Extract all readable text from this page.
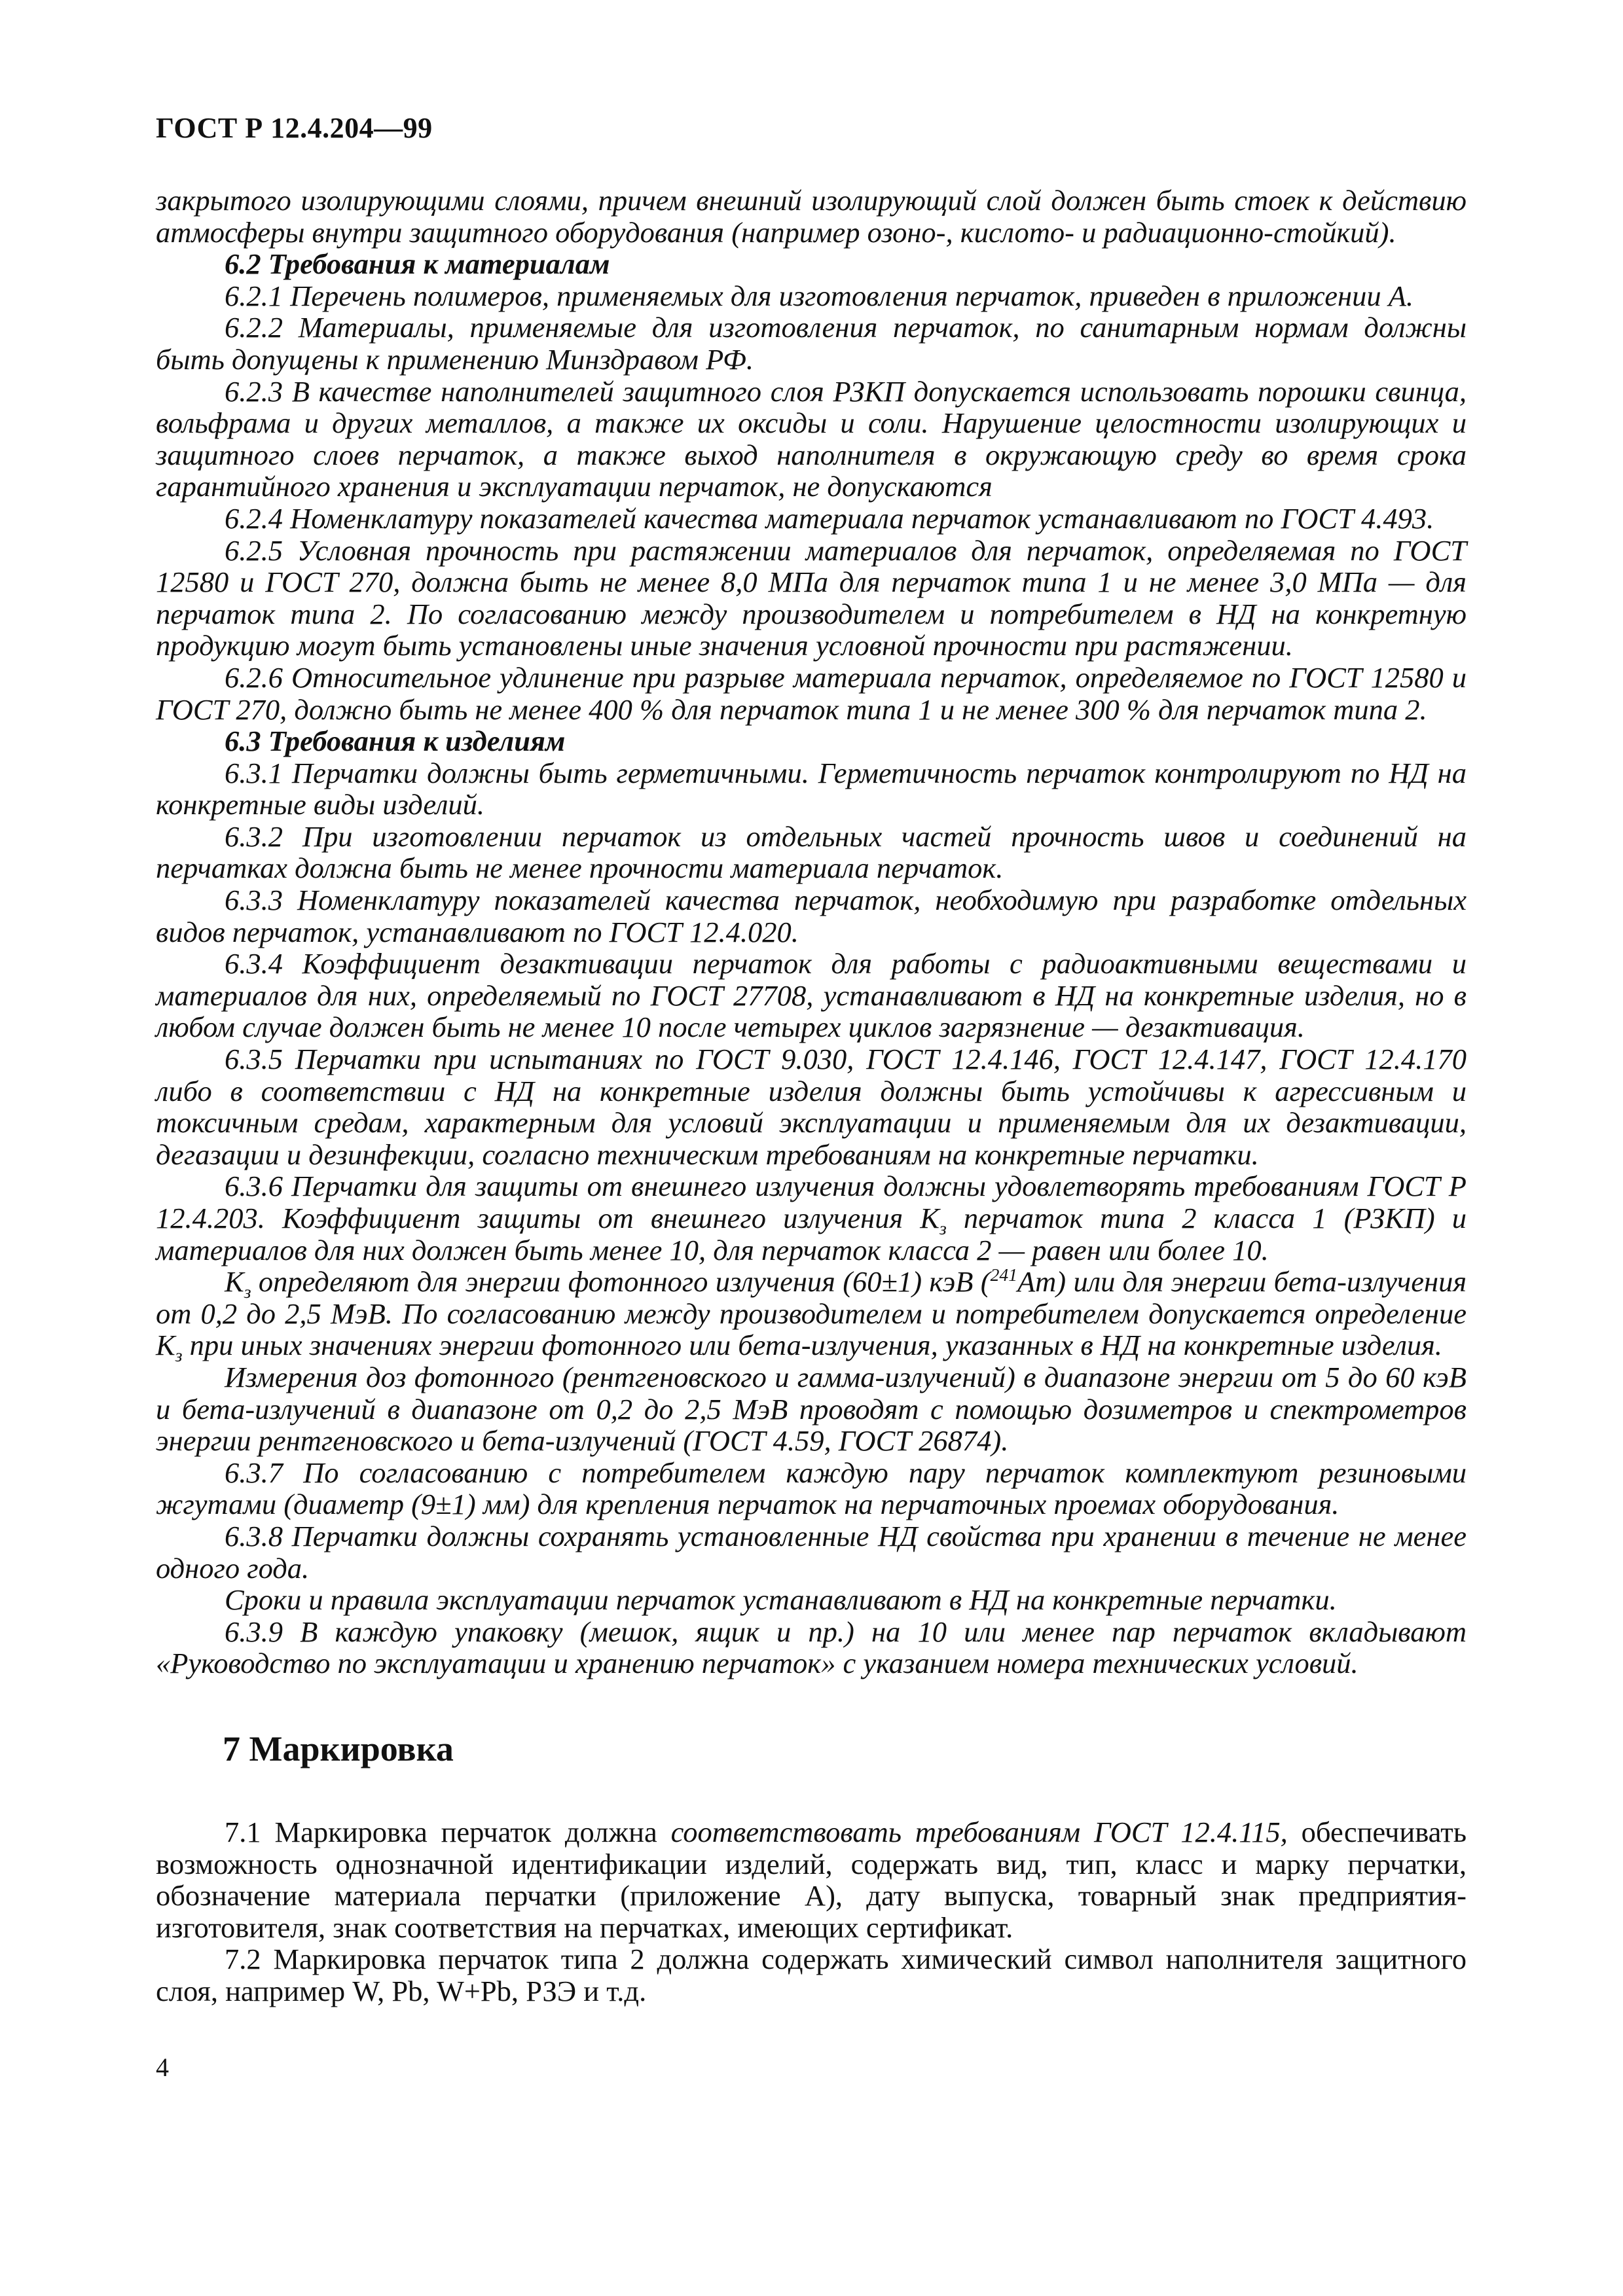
ГОСТ Р 12.4.204—99

закрытого изолирующими слоями, причем внешний изолирующий слой должен быть стоек к действию атмосферы внутри защитного оборудования (например озоно-, кислото- и радиационно-стойкий).

6.2 Требования к материалам

6.2.1 Перечень полимеров, применяемых для изготовления перчаток, приведен в приложении А.

6.2.2 Материалы, применяемые для изготовления перчаток, по санитарным нормам должны быть допущены к применению Минздравом РФ.

6.2.3 В качестве наполнителей защитного слоя РЗКП допускается использовать порошки свинца, вольфрама и других металлов, а также их оксиды и соли. Нарушение целостности изолирующих и защитного слоев перчаток, а также выход наполнителя в окружающую среду во время срока гарантийного хранения и эксплуатации перчаток, не допускаются

6.2.4 Номенклатуру показателей качества материала перчаток устанавливают по ГОСТ 4.493.

6.2.5 Условная прочность при растяжении материалов для перчаток, определяемая по ГОСТ 12580 и ГОСТ 270, должна быть не менее 8,0 МПа для перчаток типа 1 и не менее 3,0 МПа — для перчаток типа 2. По согласованию между производителем и потребителем в НД на конкретную продукцию могут быть установлены иные значения условной прочности при растяжении.

6.2.6 Относительное удлинение при разрыве материала перчаток, определяемое по ГОСТ 12580 и ГОСТ 270, должно быть не менее 400 % для перчаток типа 1 и не менее 300 % для перчаток типа 2.

6.3 Требования к изделиям

6.3.1 Перчатки должны быть герметичными. Герметичность перчаток контролируют по НД на конкретные виды изделий.

6.3.2 При изготовлении перчаток из отдельных частей прочность швов и соединений на перчатках должна быть не менее прочности материала перчаток.

6.3.3 Номенклатуру показателей качества перчаток, необходимую при разработке отдельных видов перчаток, устанавливают по ГОСТ 12.4.020.

6.3.4 Коэффициент дезактивации перчаток для работы с радиоактивными веществами и материалов для них, определяемый по ГОСТ 27708, устанавливают в НД на конкретные изделия, но в любом случае должен быть не менее 10 после четырех циклов загрязнение — дезактивация.

6.3.5 Перчатки при испытаниях по ГОСТ 9.030, ГОСТ 12.4.146, ГОСТ 12.4.147, ГОСТ 12.4.170 либо в соответствии с НД на конкретные изделия должны быть устойчивы к агрессивным и токсичным средам, характерным для условий эксплуатации и применяемым для их дезактивации, дегазации и дезинфекции, согласно техническим требованиям на конкретные перчатки.

6.3.6 Перчатки для защиты от внешнего излучения должны удовлетворять требованиям ГОСТ Р 12.4.203. Коэффициент защиты от внешнего излучения $K_з$ перчаток типа 2 класса 1 (РЗКП) и материалов для них должен быть менее 10, для перчаток класса 2 — равен или более 10.

$K_з$ определяют для энергии фотонного излучения (60±1) кэВ ($^{241}$Am) или для энергии бета-излучения от 0,2 до 2,5 МэВ. По согласованию между производителем и потребителем допускается определение $K_з$ при иных значениях энергии фотонного или бета-излучения, указанных в НД на конкретные изделия.

Измерения доз фотонного (рентгеновского и гамма-излучений) в диапазоне энергии от 5 до 60 кэВ и бета-излучений в диапазоне от 0,2 до 2,5 МэВ проводят с помощью дозиметров и спектрометров энергии рентгеновского и бета-излучений (ГОСТ 4.59, ГОСТ 26874).

6.3.7 По согласованию с потребителем каждую пару перчаток комплектуют резиновыми жгутами (диаметр (9±1) мм) для крепления перчаток на перчаточных проемах оборудования.

6.3.8 Перчатки должны сохранять установленные НД свойства при хранении в течение не менее одного года.

Сроки и правила эксплуатации перчаток устанавливают в НД на конкретные перчатки.

6.3.9 В каждую упаковку (мешок, ящик и пр.) на 10 или менее пар перчаток вкладывают «Руководство по эксплуатации и хранению перчаток» с указанием номера технических условий.

7 Маркировка

7.1 Маркировка перчаток должна соответствовать требованиям ГОСТ 12.4.115, обеспечивать возможность однозначной идентификации изделий, содержать вид, тип, класс и марку перчатки, обозначение материала перчатки (приложение А), дату выпуска, товарный знак предприятия-изготовителя, знак соответствия на перчатках, имеющих сертификат.

7.2 Маркировка перчаток типа 2 должна содержать химический символ наполнителя защитного слоя, например W, Pb, W+Pb, РЗЭ и т.д.

4
